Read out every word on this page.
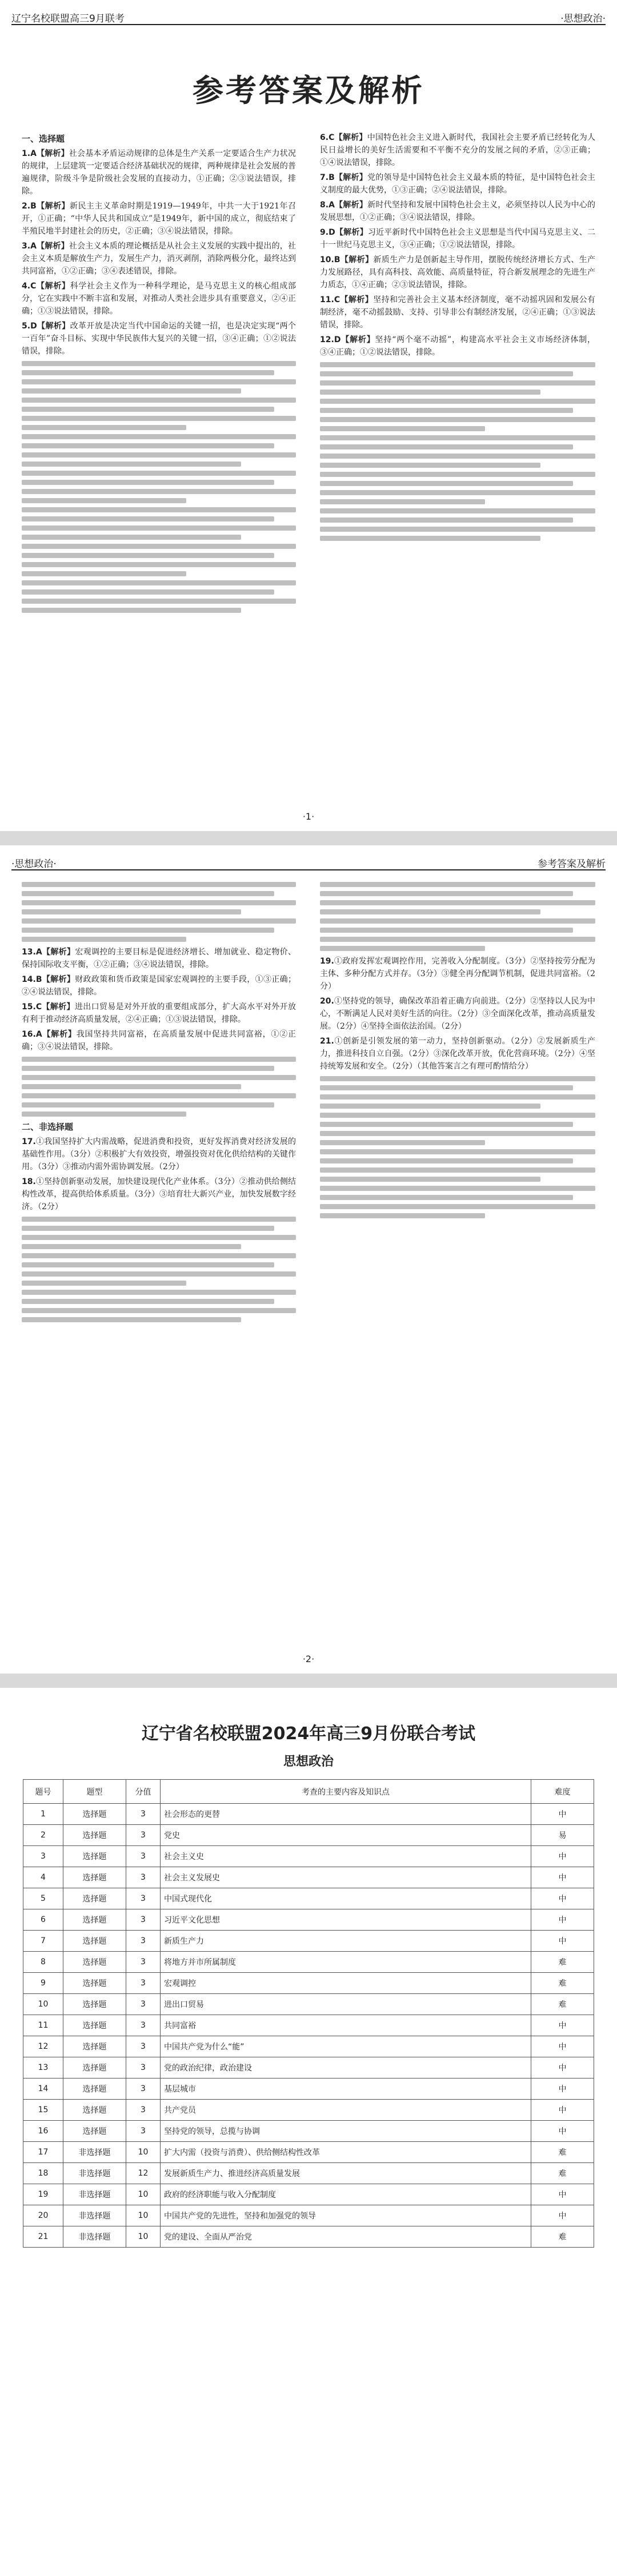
辽宁名校联盟高三9月联考	·思想政治·
参考答案及解析
一、选择题
1.A【解析】社会基本矛盾运动规律的总体是生产关系一定要适合生产力状况的规律，上层建筑一定要适合经济基础状况的规律，两种规律是社会发展的普遍规律，阶级斗争是阶级社会发展的直接动力，①正确；②③说法错误，排除。
2.B【解析】新民主主义革命时期是1919—1949年，中共一大于1921年召开，①正确；“中华人民共和国成立”是1949年，新中国的成立，彻底结束了半殖民地半封建社会的历史，②正确；③④说法错误，排除。
3.A【解析】社会主义本质的理论概括是从社会主义发展的实践中提出的，社会主义本质是解放生产力，发展生产力，消灭剥削，消除两极分化，最终达到共同富裕，①②正确；③④表述错误，排除。
4.C【解析】科学社会主义作为一种科学理论，是马克思主义的核心组成部分，它在实践中不断丰富和发展，对推动人类社会进步具有重要意义，②④正确；①③说法错误，排除。
5.D【解析】改革开放是决定当代中国命运的关键一招，也是决定实现“两个一百年”奋斗目标、实现中华民族伟大复兴的关键一招，③④正确；①②说法错误，排除。
6.C【解析】中国特色社会主义进入新时代，我国社会主要矛盾已经转化为人民日益增长的美好生活需要和不平衡不充分的发展之间的矛盾，②③正确；①④说法错误，排除。
7.B【解析】党的领导是中国特色社会主义最本质的特征，是中国特色社会主义制度的最大优势，①③正确；②④说法错误，排除。
8.A【解析】新时代坚持和发展中国特色社会主义，必须坚持以人民为中心的发展思想，①②正确；③④说法错误，排除。
9.D【解析】习近平新时代中国特色社会主义思想是当代中国马克思主义、二十一世纪马克思主义，③④正确；①②说法错误，排除。
10.B【解析】新质生产力是创新起主导作用，摆脱传统经济增长方式、生产力发展路径，具有高科技、高效能、高质量特征，符合新发展理念的先进生产力质态，①④正确；②③说法错误，排除。
11.C【解析】坚持和完善社会主义基本经济制度，毫不动摇巩固和发展公有制经济，毫不动摇鼓励、支持、引导非公有制经济发展，②④正确；①③说法错误，排除。
12.D【解析】坚持“两个毫不动摇”，构建高水平社会主义市场经济体制，③④正确；①②说法错误，排除。
·1·
·思想政治·	参考答案及解析
13.A【解析】宏观调控的主要目标是促进经济增长、增加就业、稳定物价、保持国际收支平衡，①②正确；③④说法错误，排除。
14.B【解析】财政政策和货币政策是国家宏观调控的主要手段，①③正确；②④说法错误，排除。
15.C【解析】进出口贸易是对外开放的重要组成部分，扩大高水平对外开放有利于推动经济高质量发展，②④正确；①③说法错误，排除。
16.A【解析】我国坚持共同富裕，在高质量发展中促进共同富裕，①②正确；③④说法错误，排除。
二、非选择题
17.①我国坚持扩大内需战略，促进消费和投资，更好发挥消费对经济发展的基础性作用。（3分）②积极扩大有效投资，增强投资对优化供给结构的关键作用。（3分）③推动内需外需协调发展。（2分）
18.①坚持创新驱动发展，加快建设现代化产业体系。（3分）②推动供给侧结构性改革，提高供给体系质量。（3分）③培育壮大新兴产业，加快发展数字经济。（2分）
19.①政府发挥宏观调控作用，完善收入分配制度。（3分）②坚持按劳分配为主体、多种分配方式并存。（3分）③健全再分配调节机制，促进共同富裕。（2分）
20.①坚持党的领导，确保改革沿着正确方向前进。（2分）②坚持以人民为中心，不断满足人民对美好生活的向往。（2分）③全面深化改革，推动高质量发展。（2分）④坚持全面依法治国。（2分）
21.①创新是引领发展的第一动力，坚持创新驱动。（2分）②发展新质生产力，推进科技自立自强。（2分）③深化改革开放，优化营商环境。（2分）④坚持统筹发展和安全。（2分）（其他答案言之有理可酌情给分）
·2·
辽宁省名校联盟2024年高三9月份联合考试
思想政治
题号	题型	分值	考查的主要内容及知识点	难度
1	选择题	3	社会形态的更替	中
2	选择题	3	党史	易
3	选择题	3	社会主义史	中
4	选择题	3	社会主义发展史	中
5	选择题	3	中国式现代化	中
6	选择题	3	习近平文化思想	中
7	选择题	3	新质生产力	中
8	选择题	3	将地方并市所属制度	难
9	选择题	3	宏观调控	难
10	选择题	3	进出口贸易	难
11	选择题	3	共同富裕	中
12	选择题	3	中国共产党为什么“能”	中
13	选择题	3	党的政治纪律，政治建设	中
14	选择题	3	基层城市	中
15	选择题	3	共产党员	中
16	选择题	3	坚持党的领导，总揽与协调	中
17	非选择题	10	扩大内需（投资与消费）、供给侧结构性改革	难
18	非选择题	12	发展新质生产力、推进经济高质量发展	难
19	非选择题	10	政府的经济职能与收入分配制度	中
20	非选择题	10	中国共产党的先进性，坚持和加强党的领导	中
21	非选择题	10	党的建设、全面从严治党	难
